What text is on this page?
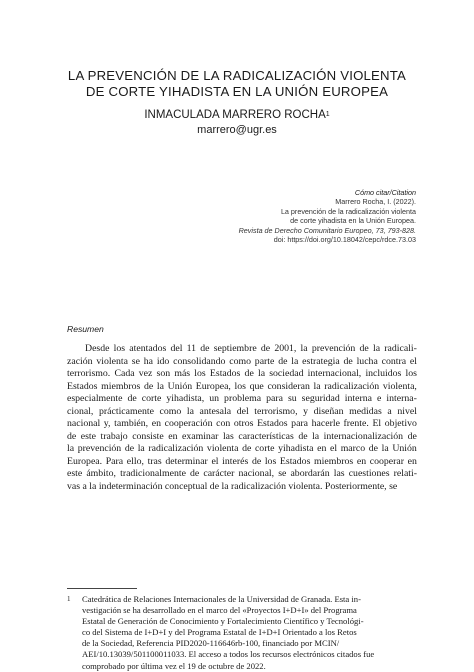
LA PREVENCIÓN DE LA RADICALIZACIÓN VIOLENTA
DE CORTE YIHADISTA EN LA UNIÓN EUROPEA
INMACULADA MARRERO ROCHA$^1$
marrero@ugr.es
Cómo citar/Citation
Marrero Rocha, I. (2022).
La prevención de la radicalización violenta
de corte yihadista en la Unión Europea.
Revista de Derecho Comunitario Europeo, 73, 793-828.
doi: https://doi.org/10.18042/cepc/rdce.73.03
Resumen
Desde los atentados del 11 de septiembre de 2001, la prevención de la radicali-
zación violenta se ha ido consolidando como parte de la estrategia de lucha contra el
terrorismo. Cada vez son más los Estados de la sociedad internacional, incluidos los
Estados miembros de la Unión Europea, los que consideran la radicalización violenta,
especialmente de corte yihadista, un problema para su seguridad interna e interna-
cional, prácticamente como la antesala del terrorismo, y diseñan medidas a nivel
nacional y, también, en cooperación con otros Estados para hacerle frente. El objetivo
de este trabajo consiste en examinar las características de la internacionalización de
la prevención de la radicalización violenta de corte yihadista en el marco de la Unión
Europea. Para ello, tras determinar el interés de los Estados miembros en cooperar en
este ámbito, tradicionalmente de carácter nacional, se abordarán las cuestiones relati-
vas a la indeterminación conceptual de la radicalización violenta. Posteriormente, se
1 Catedrática de Relaciones Internacionales de la Universidad de Granada. Esta in-
vestigación se ha desarrollado en el marco del «Proyectos I+D+I» del Programa
Estatal de Generación de Conocimiento y Fortalecimiento Científico y Tecnológi-
co del Sistema de I+D+I y del Programa Estatal de I+D+I Orientado a los Retos
de la Sociedad, Referencia PID2020-116646rb-100, financiado por MCIN/
AEI/10.13039/501100011033. El acceso a todos los recursos electrónicos citados fue
comprobado por última vez el 19 de octubre de 2022.
